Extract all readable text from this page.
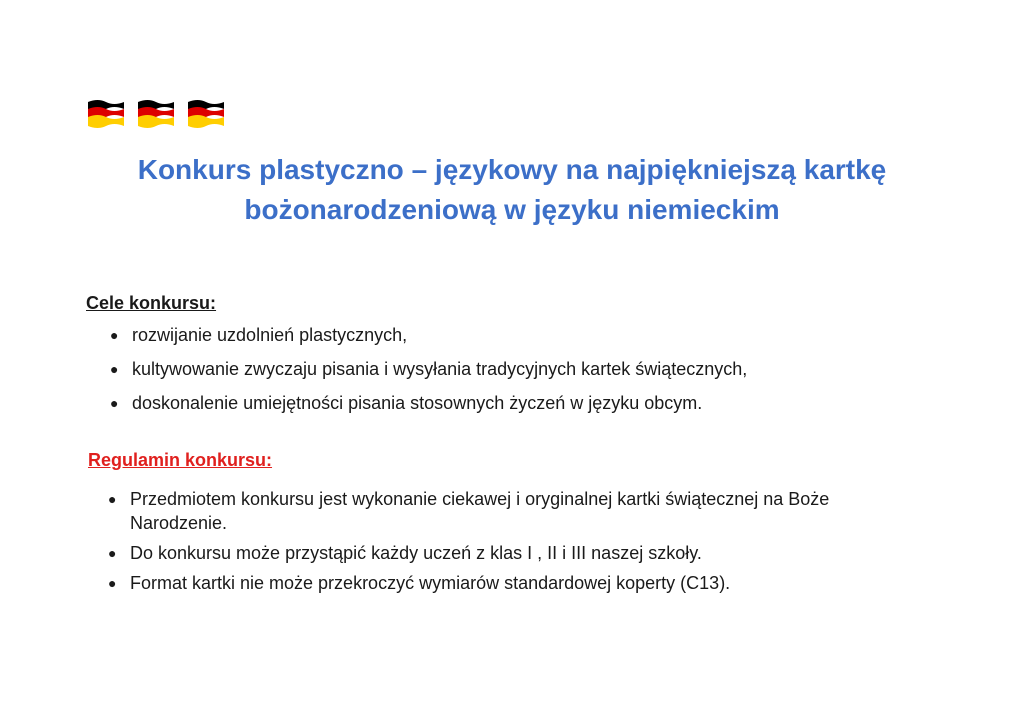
Konkurs plastyczno – językowy na najpiękniejszą kartkę
bożonarodzeniową w języku niemieckim
Cele konkursu:
● rozwijanie uzdolnień plastycznych,
● kultywowanie zwyczaju pisania i wysyłania tradycyjnych kartek świątecznych,
● doskonalenie umiejętności pisania stosownych życzeń w języku obcym.
Regulamin konkursu:
● Przedmiotem konkursu jest wykonanie ciekawej i oryginalnej kartki świątecznej na Boże Narodzenie.
● Do konkursu może przystąpić każdy uczeń z klas I , II i III naszej szkoły.
● Format kartki nie może przekroczyć wymiarów standardowej koperty (C13).
